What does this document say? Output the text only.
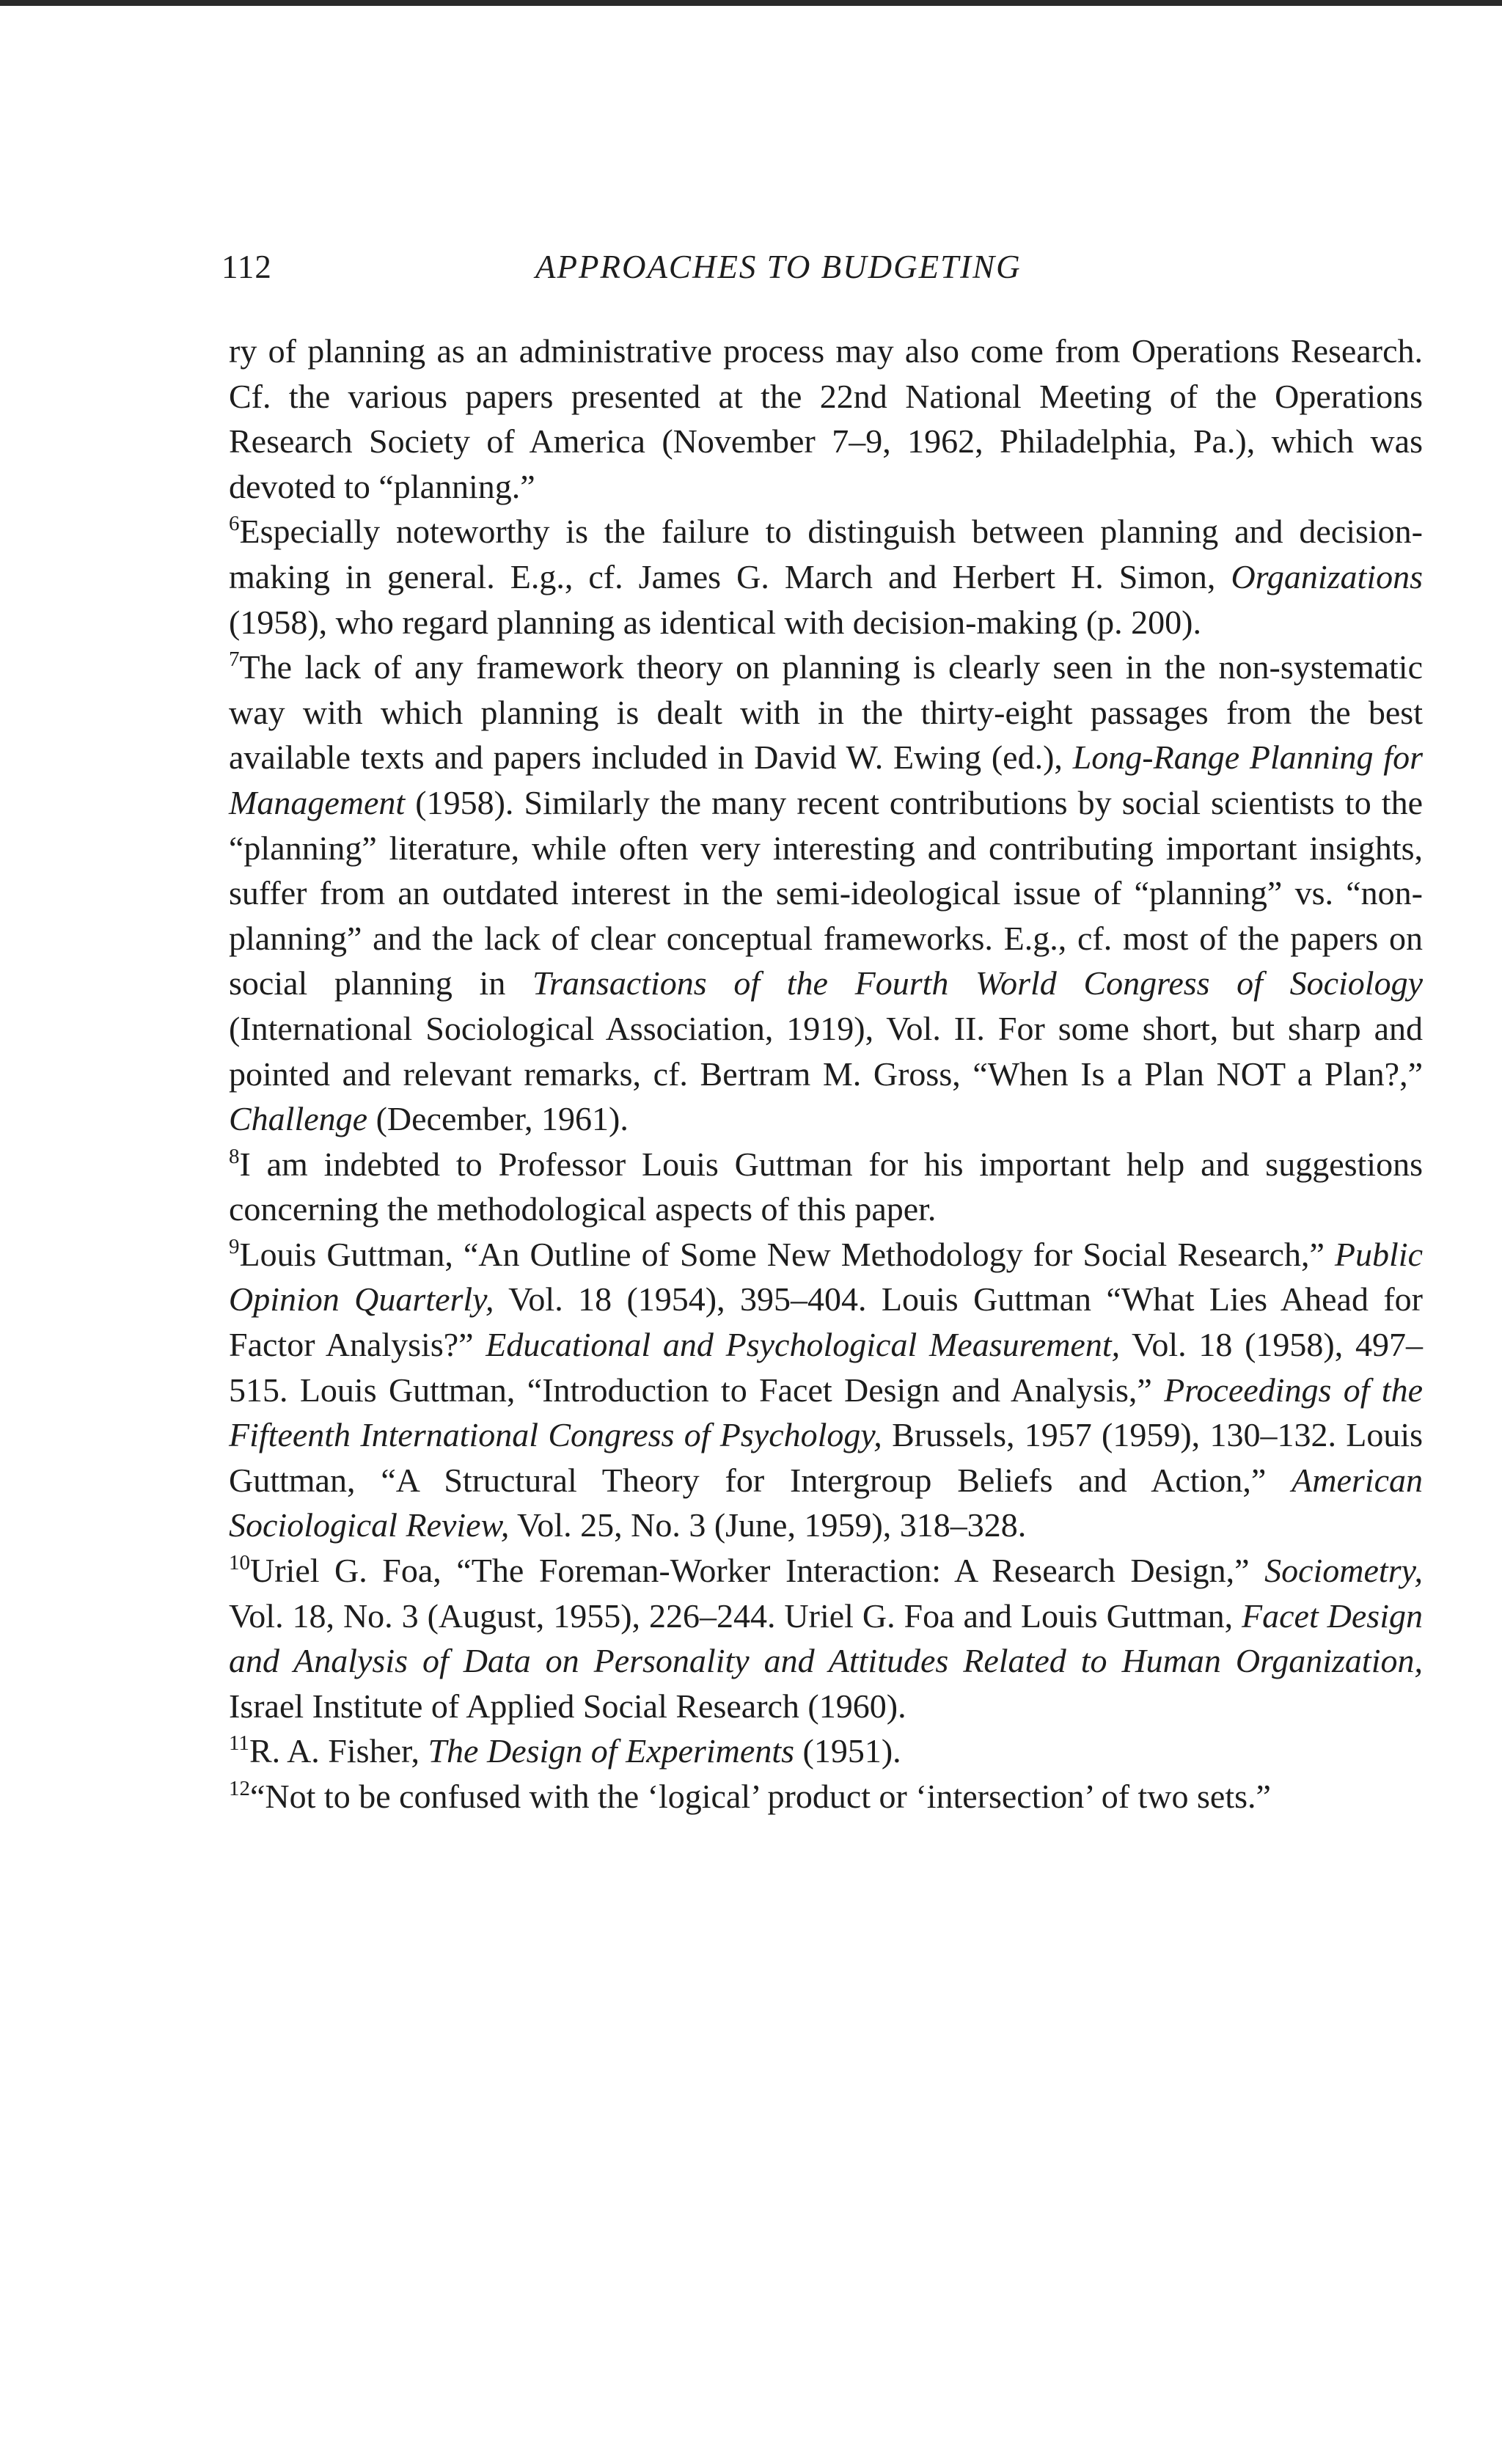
112	APPROACHES TO BUDGETING

ry of planning as an administrative process may also come from Operations Research. Cf. the various papers presented at the 22nd National Meeting of the Operations Research Society of America (November 7–9, 1962, Philadelphia, Pa.), which was devoted to “planning.”

$^6$Especially noteworthy is the failure to distinguish between planning and decision-making in general. E.g., cf. James G. March and Herbert H. Simon, Organizations (1958), who regard planning as identical with decision-making (p. 200).

$^7$The lack of any framework theory on planning is clearly seen in the non-systematic way with which planning is dealt with in the thirty-eight passages from the best available texts and papers included in David W. Ewing (ed.), Long-Range Planning for Management (1958). Similarly the many recent contributions by social scientists to the “planning” literature, while often very interesting and contributing important insights, suffer from an outdated interest in the semi-ideological issue of “planning” vs. “non-planning” and the lack of clear conceptual frameworks. E.g., cf. most of the papers on social planning in Transactions of the Fourth World Congress of Sociology (International Sociological Association, 1919), Vol. II. For some short, but sharp and pointed and relevant remarks, cf. Bertram M. Gross, “When Is a Plan NOT a Plan?,” Challenge (December, 1961).

$^8$I am indebted to Professor Louis Guttman for his important help and suggestions concerning the methodological aspects of this paper.

$^9$Louis Guttman, “An Outline of Some New Methodology for Social Research,” Public Opinion Quarterly, Vol. 18 (1954), 395–404. Louis Guttman “What Lies Ahead for Factor Analysis?” Educational and Psychological Measurement, Vol. 18 (1958), 497–515. Louis Guttman, “Introduction to Facet Design and Analysis,” Proceedings of the Fifteenth International Congress of Psychology, Brussels, 1957 (1959), 130–132. Louis Guttman, “A Structural Theory for Intergroup Beliefs and Action,” American Sociological Review, Vol. 25, No. 3 (June, 1959), 318–328.

$^{10}$Uriel G. Foa, “The Foreman-Worker Interaction: A Research Design,” Sociometry, Vol. 18, No. 3 (August, 1955), 226–244. Uriel G. Foa and Louis Guttman, Facet Design and Analysis of Data on Personality and Attitudes Related to Human Organization, Israel Institute of Applied Social Research (1960).

$^{11}$R. A. Fisher, The Design of Experiments (1951).

$^{12}$“Not to be confused with the ‘logical’ product or ‘intersection’ of two sets.”
